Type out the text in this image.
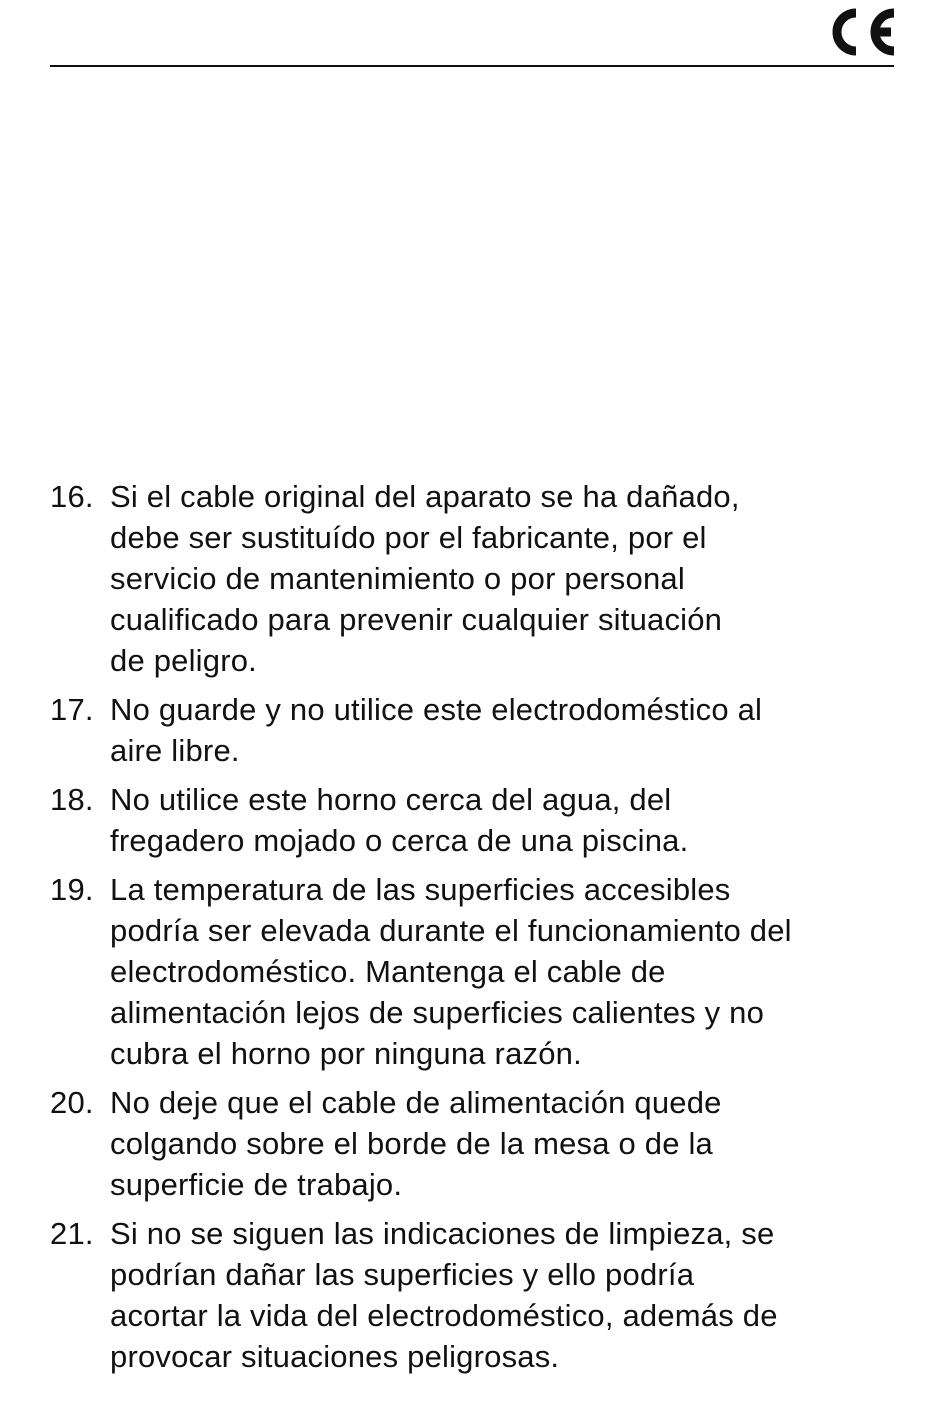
16. Si el cable original del aparato se ha dañado,
debe ser sustituído por el fabricante, por el
servicio de mantenimiento o por personal
cualificado para prevenir cualquier situación
de peligro.
17. No guarde y no utilice este electrodoméstico al
aire libre.
18. No utilice este horno cerca del agua, del
fregadero mojado o cerca de una piscina.
19. La temperatura de las superficies accesibles
podría ser elevada durante el funcionamiento del
electrodoméstico. Mantenga el cable de
alimentación lejos de superficies calientes y no
cubra el horno por ninguna razón.
20. No deje que el cable de alimentación quede
colgando sobre el borde de la mesa o de la
superficie de trabajo.
21. Si no se siguen las indicaciones de limpieza, se
podrían dañar las superficies y ello podría
acortar la vida del electrodoméstico, además de
provocar situaciones peligrosas.
